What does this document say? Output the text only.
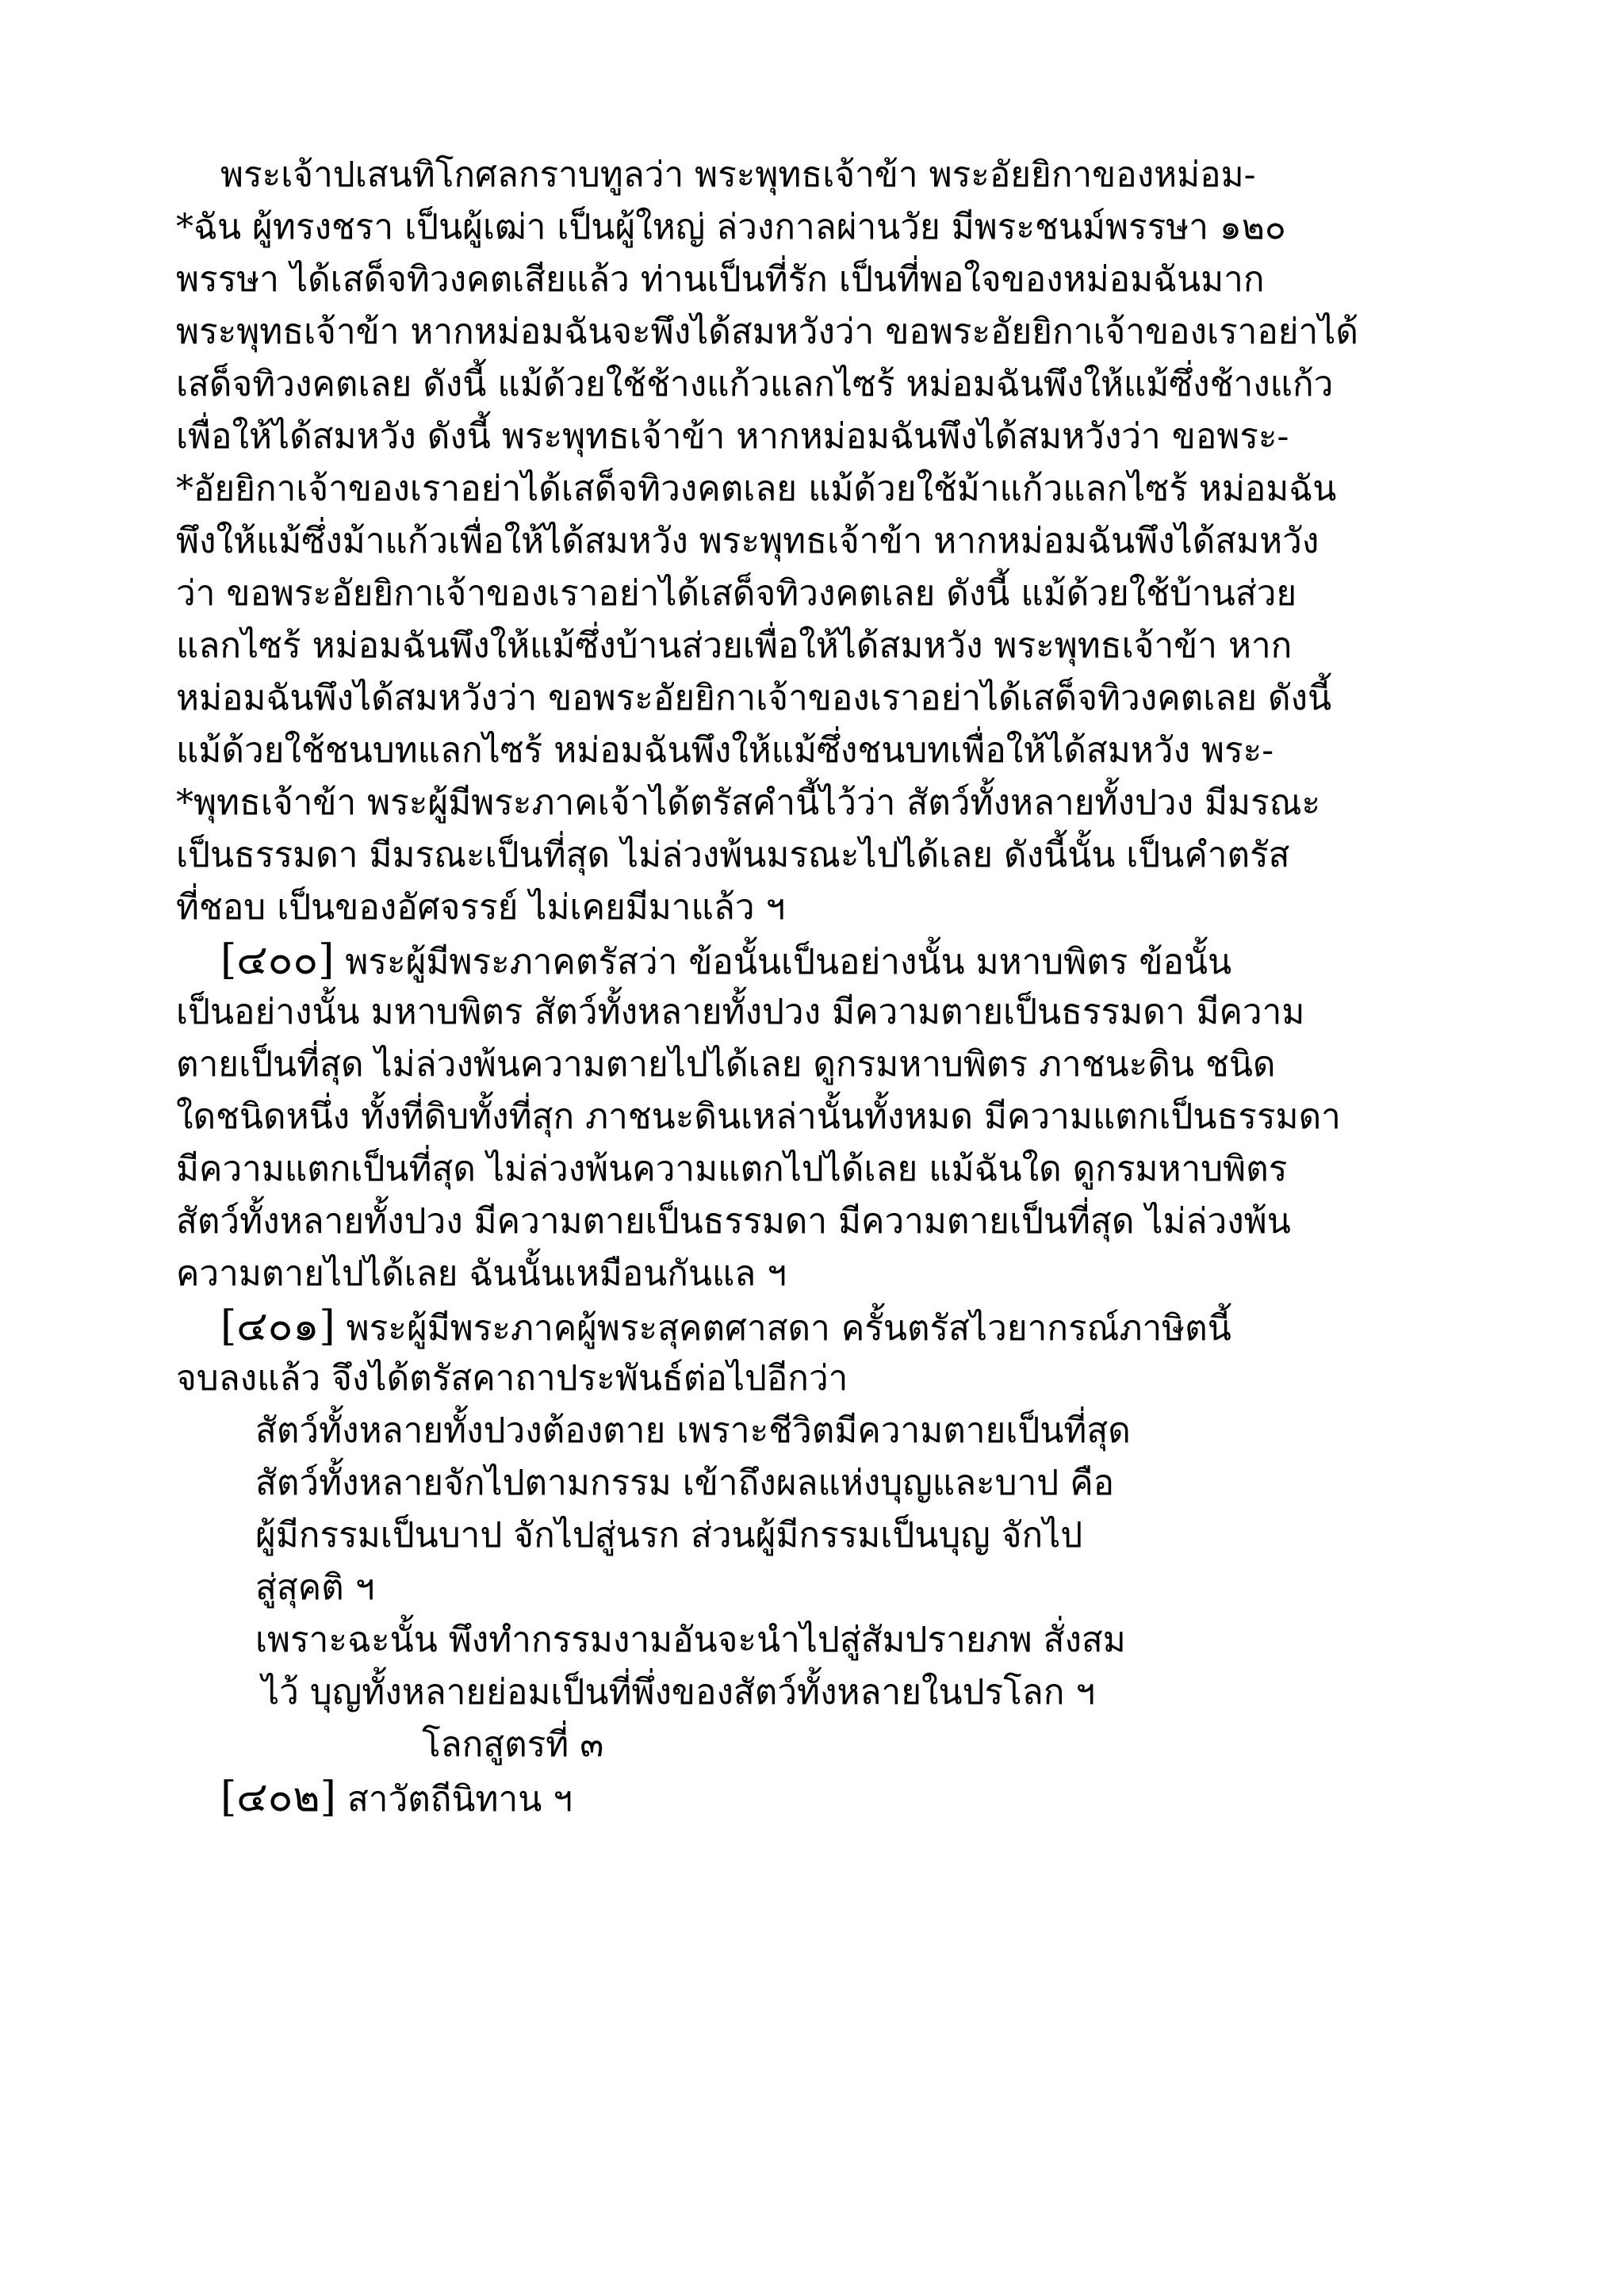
พระเจ้าปเสนทิโกศลกราบทูลว่า พระพุทธเจ้าข้า พระอัยยิกาของหม่อม-
*ฉัน ผู้ทรงชรา เป็นผู้เฒ่า เป็นผู้ใหญ่ ล่วงกาลผ่านวัย มีพระชนม์พรรษา ๑๒๐
พรรษา ได้เสด็จทิวงคตเสียแล้ว ท่านเป็นที่รัก เป็นที่พอใจของหม่อมฉันมาก
พระพุทธเจ้าข้า หากหม่อมฉันจะพึงได้สมหวังว่า ขอพระอัยยิกาเจ้าของเราอย่าได้
เสด็จทิวงคตเลย ดังนี้ แม้ด้วยใช้ช้างแก้วแลกไซร้ หม่อมฉันพึงให้แม้ซึ่งช้างแก้ว
เพื่อให้ได้สมหวัง ดังนี้ พระพุทธเจ้าข้า หากหม่อมฉันพึงได้สมหวังว่า ขอพระ-
*อัยยิกาเจ้าของเราอย่าได้เสด็จทิวงคตเลย แม้ด้วยใช้ม้าแก้วแลกไซร้ หม่อมฉัน
พึงให้แม้ซึ่งม้าแก้วเพื่อให้ได้สมหวัง พระพุทธเจ้าข้า หากหม่อมฉันพึงได้สมหวัง
ว่า ขอพระอัยยิกาเจ้าของเราอย่าได้เสด็จทิวงคตเลย ดังนี้ แม้ด้วยใช้บ้านส่วย
แลกไซร้ หม่อมฉันพึงให้แม้ซึ่งบ้านส่วยเพื่อให้ได้สมหวัง พระพุทธเจ้าข้า หาก
หม่อมฉันพึงได้สมหวังว่า ขอพระอัยยิกาเจ้าของเราอย่าได้เสด็จทิวงคตเลย ดังนี้
แม้ด้วยใช้ชนบทแลกไซร้ หม่อมฉันพึงให้แม้ซึ่งชนบทเพื่อให้ได้สมหวัง พระ-
*พุทธเจ้าข้า พระผู้มีพระภาคเจ้าได้ตรัสคำนี้ไว้ว่า สัตว์ทั้งหลายทั้งปวง มีมรณะ
เป็นธรรมดา มีมรณะเป็นที่สุด ไม่ล่วงพ้นมรณะไปได้เลย ดังนี้นั้น เป็นคำตรัส
ที่ชอบ เป็นของอัศจรรย์ ไม่เคยมีมาแล้ว ฯ
[๔๐๐] พระผู้มีพระภาคตรัสว่า ข้อนั้นเป็นอย่างนั้น มหาบพิตร ข้อนั้น
เป็นอย่างนั้น มหาบพิตร สัตว์ทั้งหลายทั้งปวง มีความตายเป็นธรรมดา มีความ
ตายเป็นที่สุด ไม่ล่วงพ้นความตายไปได้เลย ดูกรมหาบพิตร ภาชนะดิน ชนิด
ใดชนิดหนึ่ง ทั้งที่ดิบทั้งที่สุก ภาชนะดินเหล่านั้นทั้งหมด มีความแตกเป็นธรรมดา
มีความแตกเป็นที่สุด ไม่ล่วงพ้นความแตกไปได้เลย แม้ฉันใด ดูกรมหาบพิตร
สัตว์ทั้งหลายทั้งปวง มีความตายเป็นธรรมดา มีความตายเป็นที่สุด ไม่ล่วงพ้น
ความตายไปได้เลย ฉันนั้นเหมือนกันแล ฯ
[๔๐๑] พระผู้มีพระภาคผู้พระสุคตศาสดา ครั้นตรัสไวยากรณ์ภาษิตนี้
จบลงแล้ว จึงได้ตรัสคาถาประพันธ์ต่อไปอีกว่า
สัตว์ทั้งหลายทั้งปวงต้องตาย เพราะชีวิตมีความตายเป็นที่สุด
สัตว์ทั้งหลายจักไปตามกรรม เข้าถึงผลแห่งบุญและบาป คือ
ผู้มีกรรมเป็นบาป จักไปสู่นรก ส่วนผู้มีกรรมเป็นบุญ จักไป
สู่สุคติ ฯ
เพราะฉะนั้น พึงทำกรรมงามอันจะนำไปสู่สัมปรายภพ สั่งสม
ไว้ บุญทั้งหลายย่อมเป็นที่พึ่งของสัตว์ทั้งหลายในปรโลก ฯ
โลกสูตรที่ ๓
[๔๐๒] สาวัตถีนิทาน ฯ
